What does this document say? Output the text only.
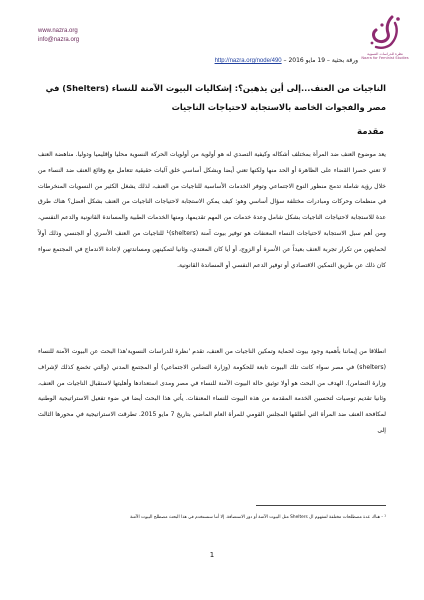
www.nazra.org
info@nazra.org
نظرة للدراسات النسوية
Nazra for Feminist Studies
ورقة بحثية – 19 مايو 2016 – http://nazra.org/node/490
الناجيات من العنف...إلى أين يذهبن؟: إشكاليات البيوت الآمنة للنساء (Shelters) في مصر والفجوات الخاصة بالاستجابة لاحتياجات الناجيات
مقدمة
يعد موضوع العنف ضد المرأة بمختلف أشكاله وكيفية التصدي له هو أولوية من أولويات الحركة النسوية محليا وإقليميا ودوليا. مناهضة العنف لا تعني حصرا القضاء على الظاهرة أو الحد منها ولكنها تعني أيضا وبشكل أساسي خلق آليات حقيقية تتعامل مع وقائع العنف ضد النساء من خلال رؤية شاملة تدمج منظور النوع الاجتماعي وتوفر الخدمات الأساسية للناجيات من العنف، لذلك يشغل الكثير من النسويات المنخرطات في منظمات وحركات ومبادرات مختلفة سؤال أساسي وهو: كيف يمكن الاستجابة لاحتياجات الناجيات من العنف بشكل أفضل؟ هناك طرق عدة للاستجابة لاحتياجات الناجيات بشكل شامل وعدة خدمات من المهم تقديمها، ومنها الخدمات الطبية والمساندة القانونية والدعم النفسي، ومن أهم سبل الاستجابة لاحتياجات النساء المعنفات هو توفير بيوت آمنة (shelters)¹ للناجيات من العنف الأسري أو الجنسي وذلك أولاً لحمايتهن من تكرار تجربة العنف بعيداً عن الأسرة أو الزوج، أو أيا كان المعتدي، وثانيا لتمكينهن ومساندتهن لإعادة الاندماج في المجتمع سواء كان ذلك عن طريق التمكين الاقتصادي أو توفير الدعم النفسي أو المساندة القانونية.
انطلاقا من إيماننا بأهمية وجود بيوت لحماية وتمكين الناجيات من العنف، تقدم 'نظرة للدراسات النسوية'هذا البحث عن البيوت الآمنة للنساء (shelters) في مصر سواء كانت تلك البيوت تابعة للحكومة (وزارة التضامن الاجتماعي) أو المجتمع المدني (والتي تخضع كذلك لإشراف وزارة التضامن). الهدف من البحث هو أولا توثيق حالة البيوت الآمنة للنساء في مصر ومدى استعدادها وأهليتها لاستقبال الناجيات من العنف، وثانيا تقديم توصيات لتحسين الخدمة المقدمة من هذه البيوت للنساء المعنفات. يأتي هذا البحث أيضا في ضوء تفعيل الاستراتيجية الوطنية لمكافحة العنف ضد المرأة التي أطلقها المجلس القومي للمرأة العام الماضي بتاريخ 7 مايو 2015. تطرقت الاستراتيجية في محورها الثالث إلى
¹ - هناك عدة مصطلحات مختلفة لمفهوم ال Shelters مثل البيوت الآمنة أو دور الاستضافة. إلا أننا سنستخدم في هذا البحث مصطلح البيوت الآمنة
1
